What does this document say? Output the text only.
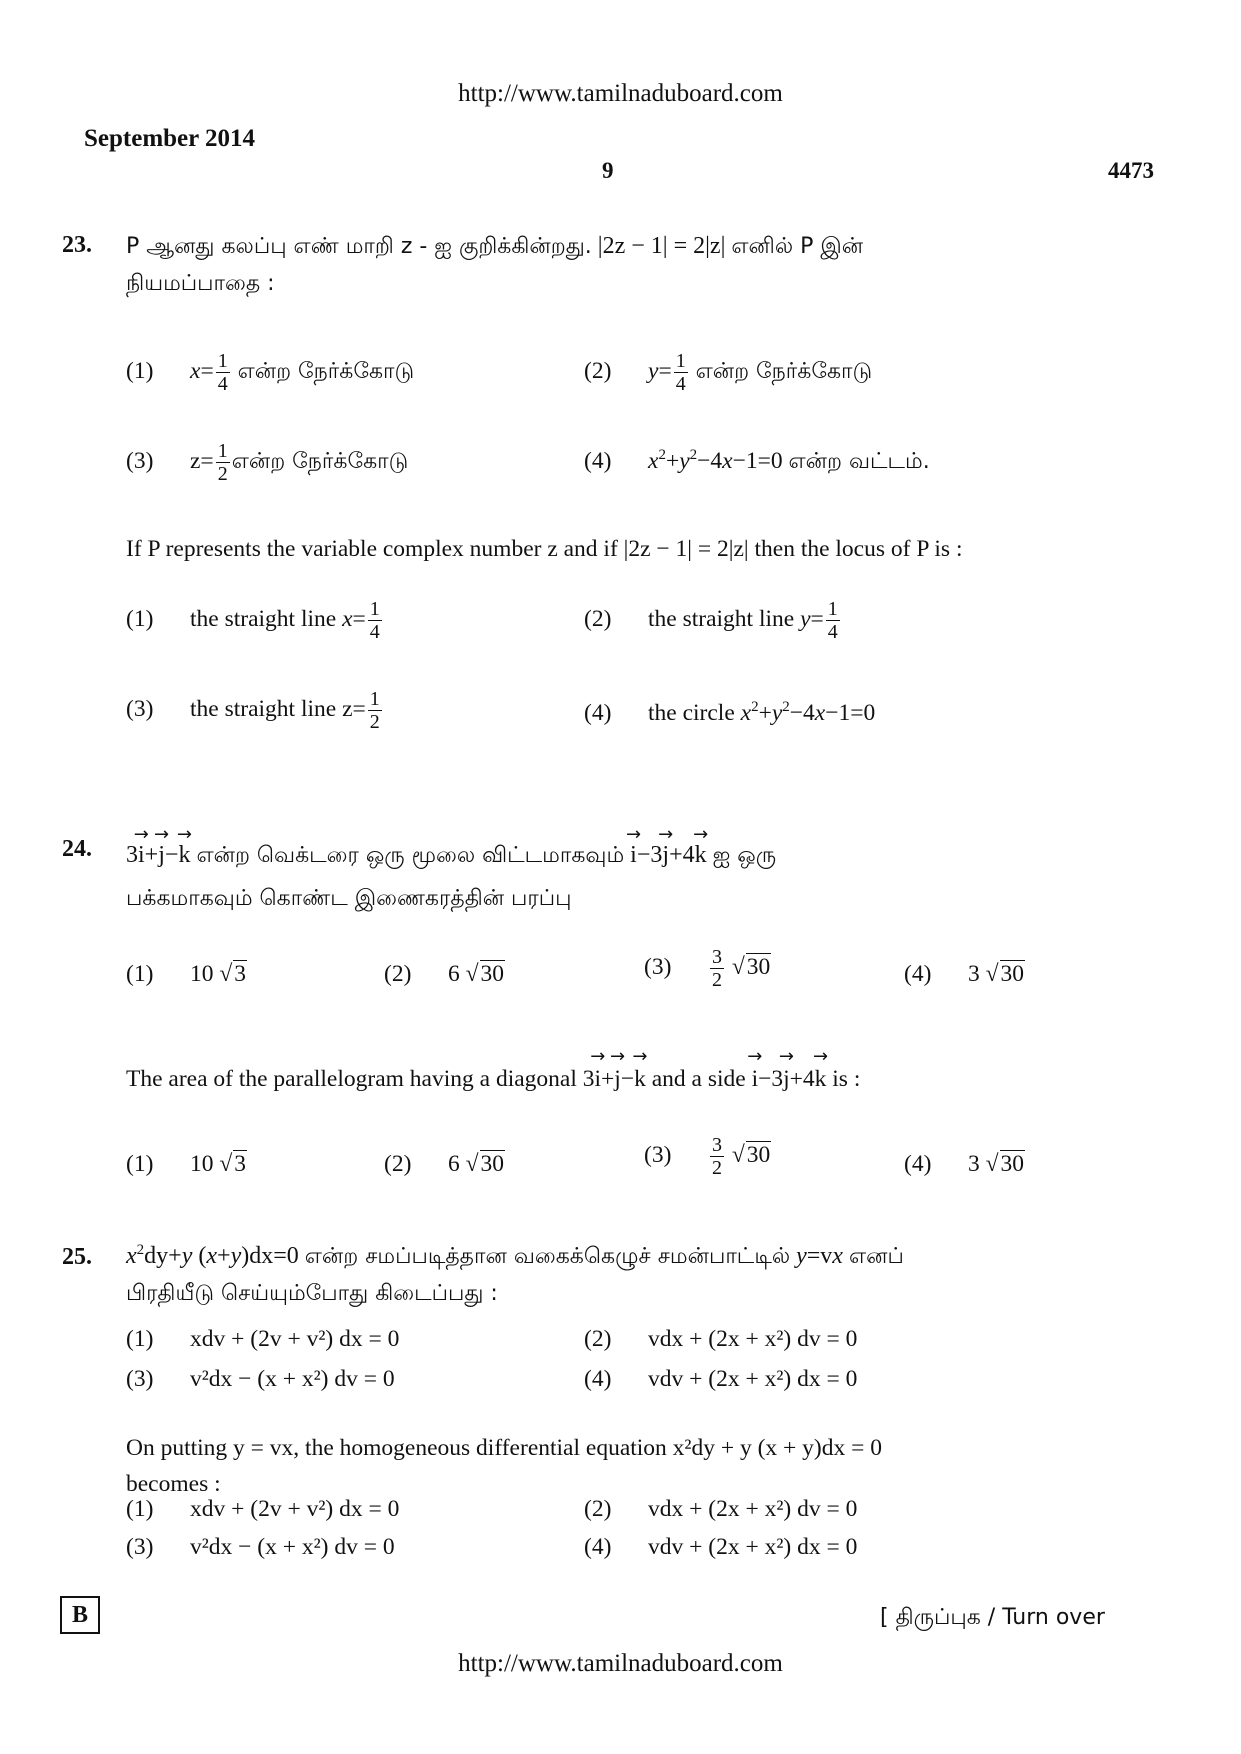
http://www.tamilnaduboard.com
September 2014
9	4473
23. P ஆனது கலப்பு எண் மாறி z - ஐ குறிக்கின்றது. |2z − 1| = 2|z| எனில் P இன்
நியமப்பாதை :
(1) $x= \frac{1}{4}$ என்ற நேர்க்கோடு	(2) $y= \frac{1}{4}$ என்ற நேர்க்கோடு
(3) $z= \frac{1}{2}$ என்ற நேர்க்கோடு	(4) $x^2+y^2-4x-1=0$ என்ற வட்டம்.
If P represents the variable complex number z and if |2z − 1| = 2|z| then the locus of P is :
(1) the straight line $x= \frac{1}{4}$	(2) the straight line $y= \frac{1}{4}$
(3) the straight line $z= \frac{1}{2}$	(4) the circle $x^2+y^2-4x-1=0$
24. 3→ i+→ j−→ k என்ற வெக்டரை ஒரு மூலை விட்டமாகவும் → i−3→ j+4→ k ஐ ஒரு
பக்கமாகவும் கொண்ட இணைகரத்தின் பரப்பு
(1) 10 √3	(2) 6 √30	$(3) \frac{3}{2} √30$	(4) 3 √30
The area of the parallelogram having a diagonal 3→ i+→ j−→ k and a side → i−3→ j+4→ k is :
(1) 10 √3	(2) 6 √30	$(3) \frac{3}{2} √30$	(4) 3 √30
25. $x^2dy+y$ (x+y)dx=0 என்ற சமப்படித்தான வகைக்கெழுச் சமன்பாட்டில் y=vx எனப்
பிரதியீடு செய்யும்போது கிடைப்பது :
(1) xdv + (2v + v²) dx = 0	(2) vdx + (2x + x²) dv = 0
(3) v²dx − (x + x²) dv = 0	(4) vdv + (2x + x²) dx = 0
On putting y = vx, the homogeneous differential equation x²dy + y (x + y)dx = 0
becomes :
(1) xdv + (2v + v²) dx = 0	(2) vdx + (2x + x²) dv = 0
(3) v²dx − (x + x²) dv = 0	(4) vdv + (2x + x²) dx = 0
B	[ திருப்புக / Turn over
http://www.tamilnaduboard.com
